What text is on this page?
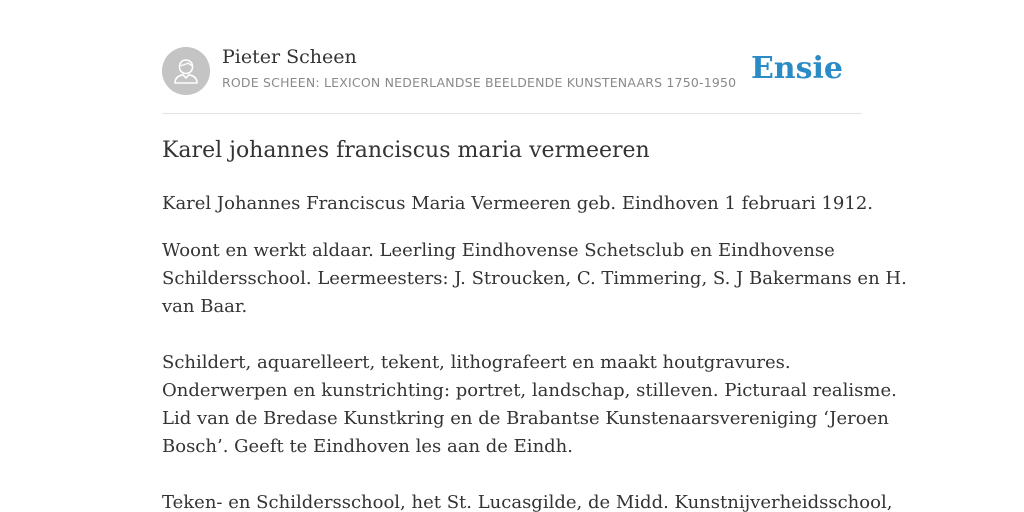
Pieter Scheen
RODE SCHEEN: LEXICON NEDERLANDSE BEELDENDE KUNSTENAARS 1750-1950 Ensie
Karel johannes franciscus maria vermeeren

Karel Johannes Franciscus Maria Vermeeren geb. Eindhoven 1 februari 1912.

Woont en werkt aldaar. Leerling Eindhovense Schetsclub en Eindhovense

Schildersschool. Leermeesters: J. Stroucken, C. Timmering, S. J Bakermans en H.

van Baar.

Schildert, aquarelleert, tekent, lithografeert en maakt houtgravures.

Onderwerpen en kunstrichting: portret, landschap, stilleven. Picturaal realisme.

Lid van de Bredase Kunstkring en de Brabantse Kunstenaarsvereniging ‘Jeroen

Bosch’. Geeft te Eindhoven les aan de Eindh.

Teken- en Schildersschool, het St. Lucasgilde, de Midd. Kunstnijverheidsschool,
